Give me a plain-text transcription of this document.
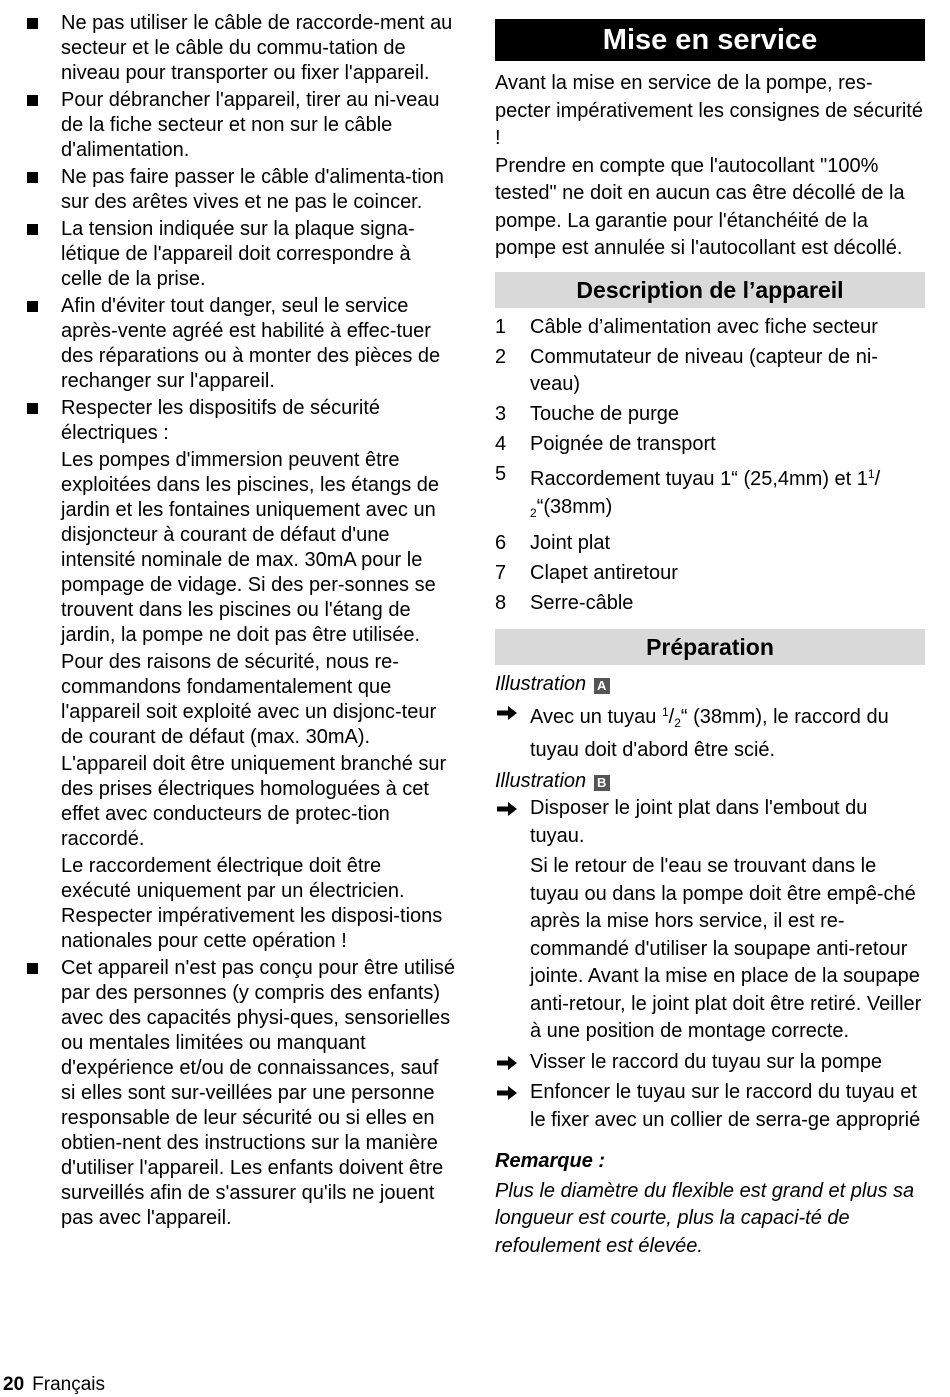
Ne pas utiliser le câble de raccorde-ment au secteur et le câble du commu-tation de niveau pour transporter ou fixer l'appareil.

Pour débrancher l'appareil, tirer au ni-veau de la fiche secteur et non sur le câble d'alimentation.

Ne pas faire passer le câble d'alimenta-tion sur des arêtes vives et ne pas le coincer.

La tension indiquée sur la plaque signa-létique de l'appareil doit correspondre à celle de la prise.

Afin d'éviter tout danger, seul le service après-vente agréé est habilité à effec-tuer des réparations ou à monter des pièces de rechanger sur l'appareil.

Respecter les dispositifs de sécurité électriques :

Les pompes d'immersion peuvent être exploitées dans les piscines, les étangs de jardin et les fontaines uniquement avec un disjoncteur à courant de défaut d'une intensité nominale de max. 30mA pour le pompage de vidage. Si des per-sonnes se trouvent dans les piscines ou l'étang de jardin, la pompe ne doit pas être utilisée.

Pour des raisons de sécurité, nous re-commandons fondamentalement que l'appareil soit exploité avec un disjonc-teur de courant de défaut (max. 30mA).

L'appareil doit être uniquement branché sur des prises électriques homologuées à cet effet avec conducteurs de protec-tion raccordé.

Le raccordement électrique doit être exécuté uniquement par un électricien. Respecter impérativement les disposi-tions nationales pour cette opération !

Cet appareil n'est pas conçu pour être utilisé par des personnes (y compris des enfants) avec des capacités physi-ques, sensorielles ou mentales limitées ou manquant d'expérience et/ou de connaissances, sauf si elles sont sur-veillées par une personne responsable de leur sécurité ou si elles en obtien-nent des instructions sur la manière d'utiliser l'appareil. Les enfants doivent être surveillés afin de s'assurer qu'ils ne jouent pas avec l'appareil.

Mise en service

Avant la mise en service de la pompe, res-pecter impérativement les consignes de sécurité !

Prendre en compte que l'autocollant "100% tested" ne doit en aucun cas être décollé de la pompe. La garantie pour l'étanchéité de la pompe est annulée si l'autocollant est décollé.

Description de l’appareil
1 Câble d’alimentation avec fiche secteur
2 Commutateur de niveau (capteur de ni-veau)
3 Touche de purge
4 Poignée de transport
5 Raccordement tuyau 1“ (25,4mm) et $1^1/$
$_2$“(38mm)
6 Joint plat
7 Clapet antiretour
8 Serre-câble
Préparation

Illustration A

Avec un tuyau $^1/_2“$ (38mm), le raccord du tuyau doit d'abord être scié.

Illustration B

Disposer le joint plat dans l'embout du tuyau.

Si le retour de l'eau se trouvant dans le tuyau ou dans la pompe doit être empê-ché après la mise hors service, il est re-commandé d'utiliser la soupape anti-retour jointe. Avant la mise en place de la soupape anti-retour, le joint plat doit être retiré. Veiller à une position de montage correcte.

Visser le raccord du tuyau sur la pompe

Enfoncer le tuyau sur le raccord du tuyau et le fixer avec un collier de serra-ge approprié

Remarque :

Plus le diamètre du flexible est grand et plus sa longueur est courte, plus la capaci-té de refoulement est élevée.

20 Français
